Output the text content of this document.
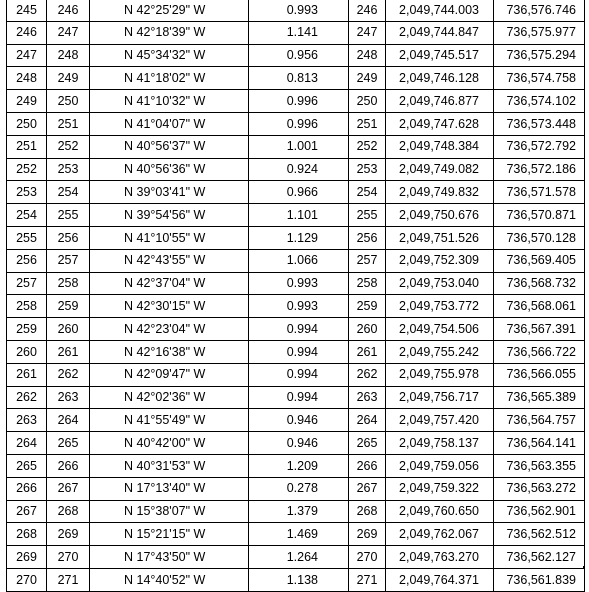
245	246	N 42°25'29" W	0.993	246	2,049,744.003	736,576.746
246	247	N 42°18'39" W	1.141	247	2,049,744.847	736,575.977
247	248	N 45°34'32" W	0.956	248	2,049,745.517	736,575.294
248	249	N 41°18'02" W	0.813	249	2,049,746.128	736,574.758
249	250	N 41°10'32" W	0.996	250	2,049,746.877	736,574.102
250	251	N 41°04'07" W	0.996	251	2,049,747.628	736,573.448
251	252	N 40°56'37" W	1.001	252	2,049,748.384	736,572.792
252	253	N 40°56'36" W	0.924	253	2,049,749.082	736,572.186
253	254	N 39°03'41" W	0.966	254	2,049,749.832	736,571.578
254	255	N 39°54'56" W	1.101	255	2,049,750.676	736,570.871
255	256	N 41°10'55" W	1.129	256	2,049,751.526	736,570.128
256	257	N 42°43'55" W	1.066	257	2,049,752.309	736,569.405
257	258	N 42°37'04" W	0.993	258	2,049,753.040	736,568.732
258	259	N 42°30'15" W	0.993	259	2,049,753.772	736,568.061
259	260	N 42°23'04" W	0.994	260	2,049,754.506	736,567.391
260	261	N 42°16'38" W	0.994	261	2,049,755.242	736,566.722
261	262	N 42°09'47" W	0.994	262	2,049,755.978	736,566.055
262	263	N 42°02'36" W	0.994	263	2,049,756.717	736,565.389
263	264	N 41°55'49" W	0.946	264	2,049,757.420	736,564.757
264	265	N 40°42'00" W	0.946	265	2,049,758.137	736,564.141
265	266	N 40°31'53" W	1.209	266	2,049,759.056	736,563.355
266	267	N 17°13'40" W	0.278	267	2,049,759.322	736,563.272
267	268	N 15°38'07" W	1.379	268	2,049,760.650	736,562.901
268	269	N 15°21'15" W	1.469	269	2,049,762.067	736,562.512
269	270	N 17°43'50" W	1.264	270	2,049,763.270	736,562.127
270	271	N 14°40'52" W	1.138	271	2,049,764.371	736,561.839
